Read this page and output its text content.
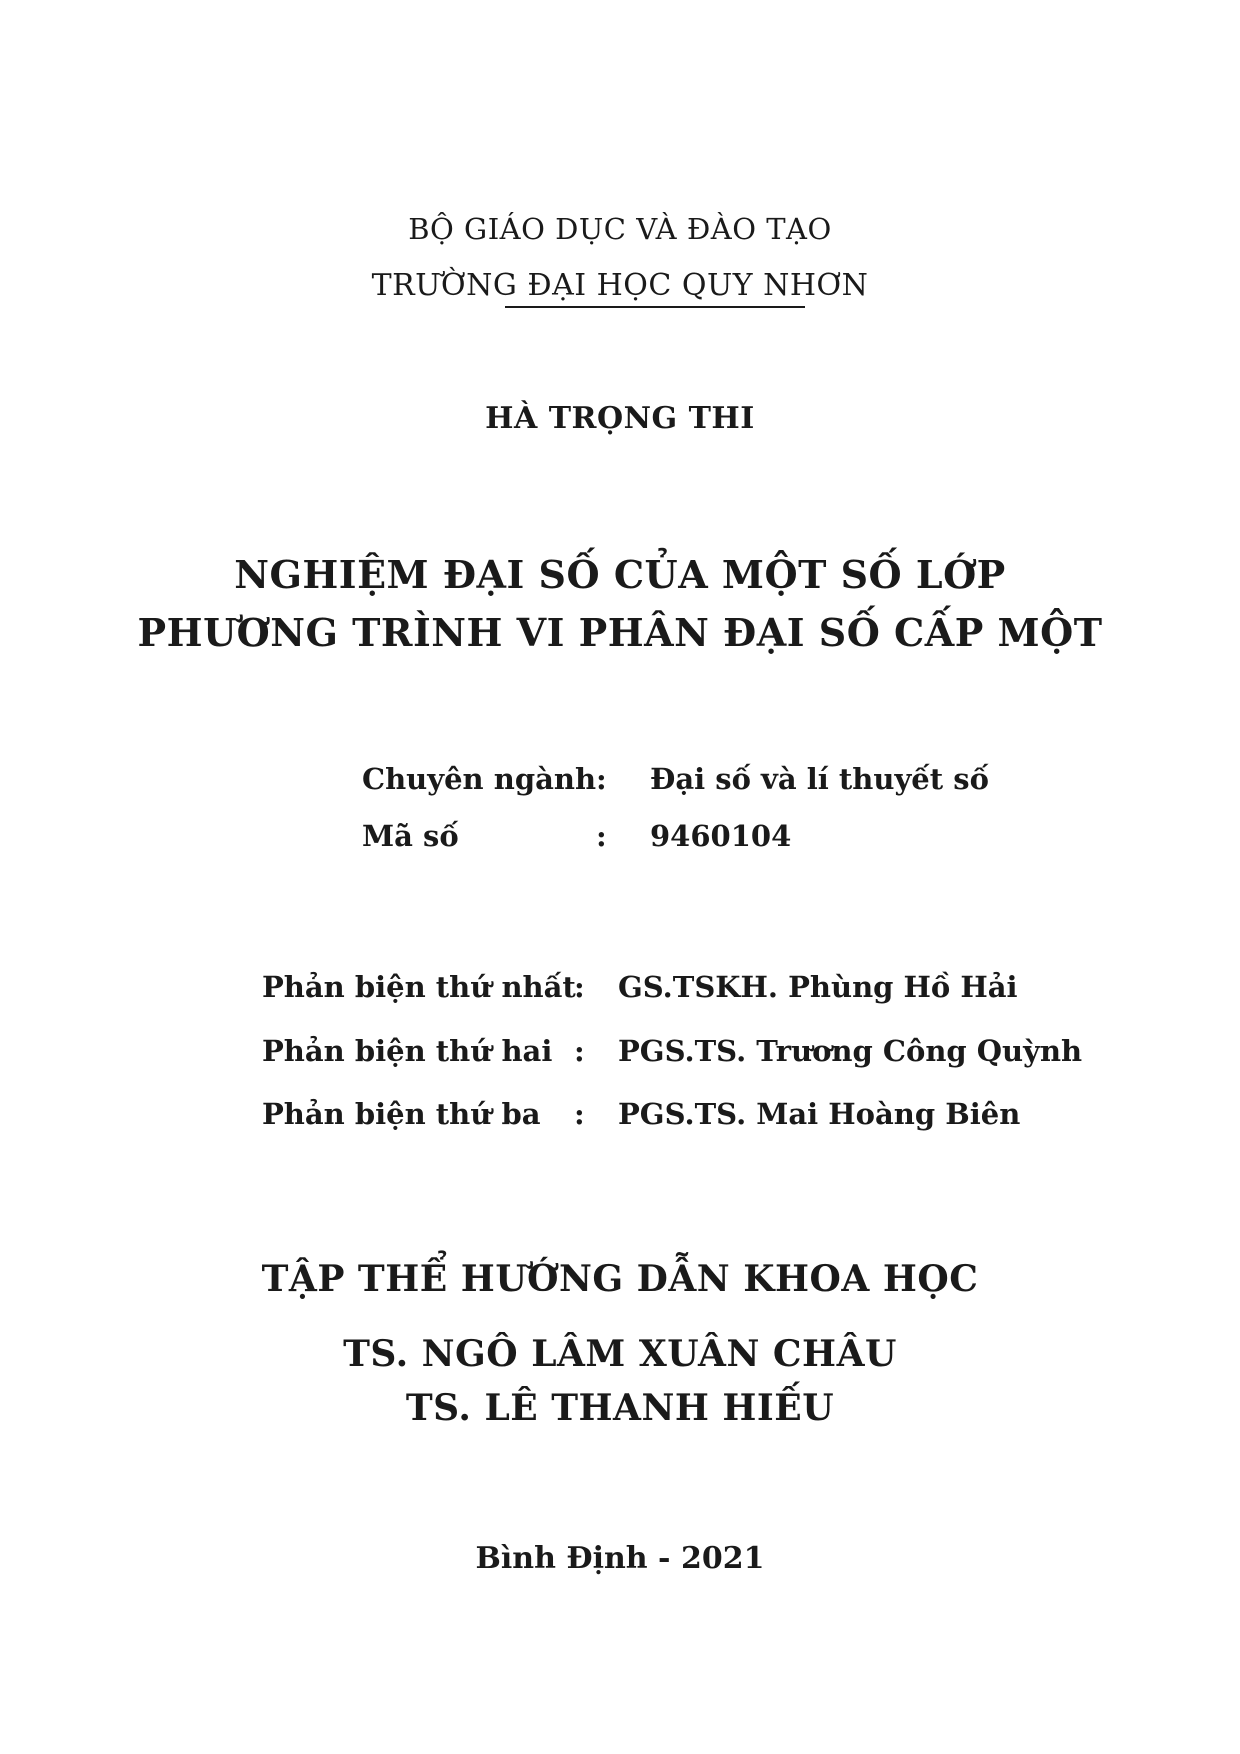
BỘ GIÁO DỤC VÀ ĐÀO TẠO
TRƯỜNG ĐẠI HỌC QUY NHƠN
HÀ TRỌNG THI
NGHIỆM ĐẠI SỐ CỦA MỘT SỐ LỚP
PHƯƠNG TRÌNH VI PHÂN ĐẠI SỐ CẤP MỘT
Chuyên ngành : Đại số và lí thuyết số
Mã số	: 9460104
Phản biện thứ nhất
: GS.TSKH. Phùng Hồ Hải
Phản biện thứ hai : PGS.TS. Trương Công Quỳnh
Phản biện thứ ba : PGS.TS. Mai Hoàng Biên
TẬP THỂ HƯỚNG DẪN KHOA HỌC
TS. NGÔ LÂM XUÂN CHÂU
TS. LÊ THANH HIẾU
Bình Định - 2021
